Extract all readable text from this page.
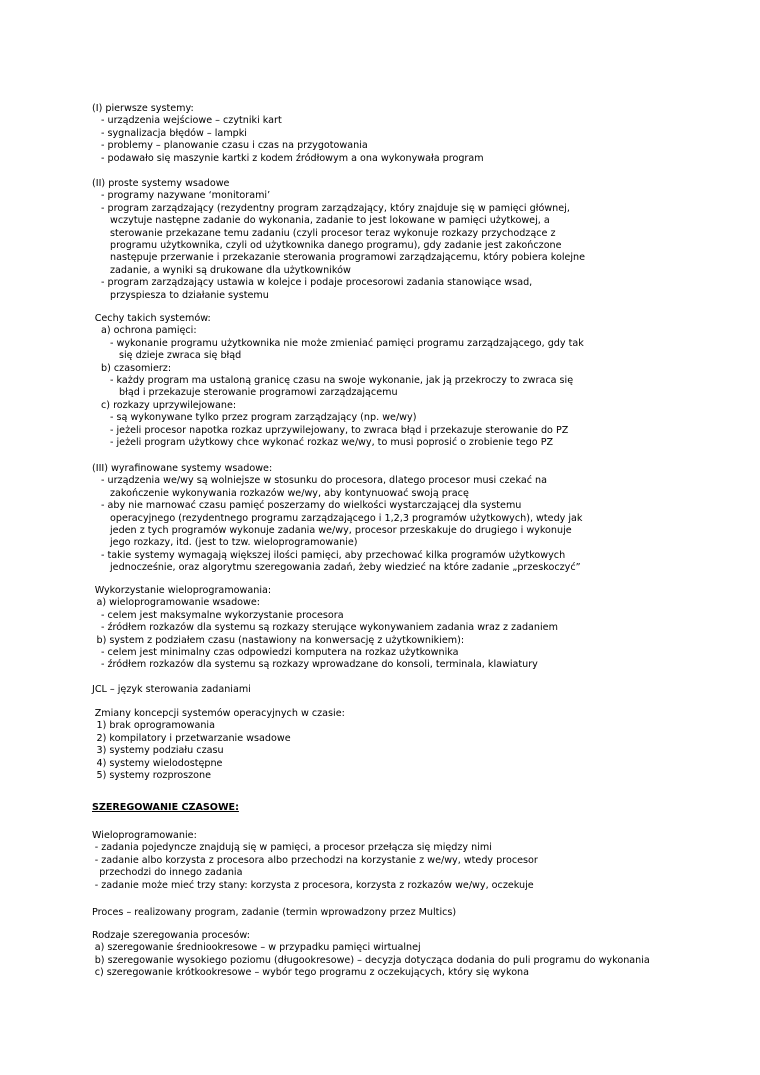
(I) pierwsze systemy:
- urządzenia wejściowe – czytniki kart
- sygnalizacja błędów – lampki
- problemy – planowanie czasu i czas na przygotowania
- podawało się maszynie kartki z kodem źródłowym a ona wykonywała program
(II) proste systemy wsadowe
- programy nazywane ‘monitorami’
- program zarządzający (rezydentny program zarządzający, który znajduje się w pamięci głównej,
wczytuje następne zadanie do wykonania, zadanie to jest lokowane w pamięci użytkowej, a
sterowanie przekazane temu zadaniu (czyli procesor teraz wykonuje rozkazy przychodzące z
programu użytkownika, czyli od użytkownika danego programu), gdy zadanie jest zakończone
następuje przerwanie i przekazanie sterowania programowi zarządzającemu, który pobiera kolejne
zadanie, a wyniki są drukowane dla użytkowników
- program zarządzający ustawia w kolejce i podaje procesorowi zadania stanowiące wsad,
przyspiesza to działanie systemu
Cechy takich systemów:
a) ochrona pamięci:
- wykonanie programu użytkownika nie może zmieniać pamięci programu zarządzającego, gdy tak
się dzieje zwraca się błąd
b) czasomierz:
- każdy program ma ustaloną granicę czasu na swoje wykonanie, jak ją przekroczy to zwraca się
błąd i przekazuje sterowanie programowi zarządzającemu
c) rozkazy uprzywilejowane:
- są wykonywane tylko przez program zarządzający (np. we/wy)
- jeżeli procesor napotka rozkaz uprzywilejowany, to zwraca błąd i przekazuje sterowanie do PZ
- jeżeli program użytkowy chce wykonać rozkaz we/wy, to musi poprosić o zrobienie tego PZ
(III) wyrafinowane systemy wsadowe:
- urządzenia we/wy są wolniejsze w stosunku do procesora, dlatego procesor musi czekać na
zakończenie wykonywania rozkazów we/wy, aby kontynuować swoją pracę
- aby nie marnować czasu pamięć poszerzamy do wielkości wystarczającej dla systemu
operacyjnego (rezydentnego programu zarządzającego i 1,2,3 programów użytkowych), wtedy jak
jeden z tych programów wykonuje zadania we/wy, procesor przeskakuje do drugiego i wykonuje
jego rozkazy, itd. (jest to tzw. wieloprogramowanie)
- takie systemy wymagają większej ilości pamięci, aby przechować kilka programów użytkowych
jednocześnie, oraz algorytmu szeregowania zadań, żeby wiedzieć na które zadanie „przeskoczyć”
Wykorzystanie wieloprogramowania:
a) wieloprogramowanie wsadowe:
- celem jest maksymalne wykorzystanie procesora
- źródłem rozkazów dla systemu są rozkazy sterujące wykonywaniem zadania wraz z zadaniem
b) system z podziałem czasu (nastawiony na konwersację z użytkownikiem):
- celem jest minimalny czas odpowiedzi komputera na rozkaz użytkownika
- źródłem rozkazów dla systemu są rozkazy wprowadzane do konsoli, terminala, klawiatury
JCL – język sterowania zadaniami
Zmiany koncepcji systemów operacyjnych w czasie:
1) brak oprogramowania
2) kompilatory i przetwarzanie wsadowe
3) systemy podziału czasu
4) systemy wielodostępne
5) systemy rozproszone
SZEREGOWANIE CZASOWE:
Wieloprogramowanie:
- zadania pojedyncze znajdują się w pamięci, a procesor przełącza się między nimi
- zadanie albo korzysta z procesora albo przechodzi na korzystanie z we/wy, wtedy procesor
przechodzi do innego zadania
- zadanie może mieć trzy stany: korzysta z procesora, korzysta z rozkazów we/wy, oczekuje
Proces – realizowany program, zadanie (termin wprowadzony przez Multics)
Rodzaje szeregowania procesów:
a) szeregowanie średniookresowe – w przypadku pamięci wirtualnej
b) szeregowanie wysokiego poziomu (długookresowe) – decyzja dotycząca dodania do puli programu do wykonania
c) szeregowanie krótkookresowe – wybór tego programu z oczekujących, który się wykona
